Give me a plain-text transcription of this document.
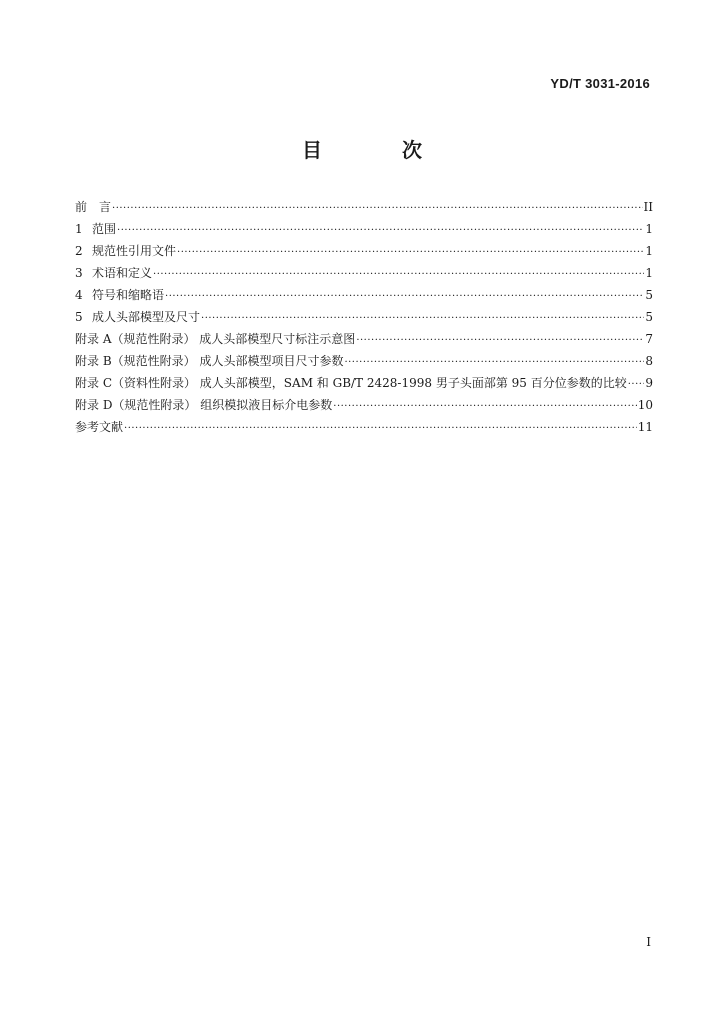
YD/T 3031-2016
目　次
前　言 ·····	II
1 范围 ·····	1
2 规范性引用文件 ·····	1
3 术语和定义 ·····	1
4 符号和缩略语 ·····	5
5 成人头部模型及尺寸 ·····	5
附录 A（规范性附录） 成人头部模型尺寸标注示意图 ·····	7
附录 B（规范性附录） 成人头部模型项目尺寸参数 ·····	8
附录 C（资料性附录） 成人头部模型，SAM 和 GB/T 2428-1998 男子头面部第 95 百分位参数的比较 ····· 9
附录 D（规范性附录） 组织模拟液目标介电参数 ·····	10
参考文献 ·····	11
I
